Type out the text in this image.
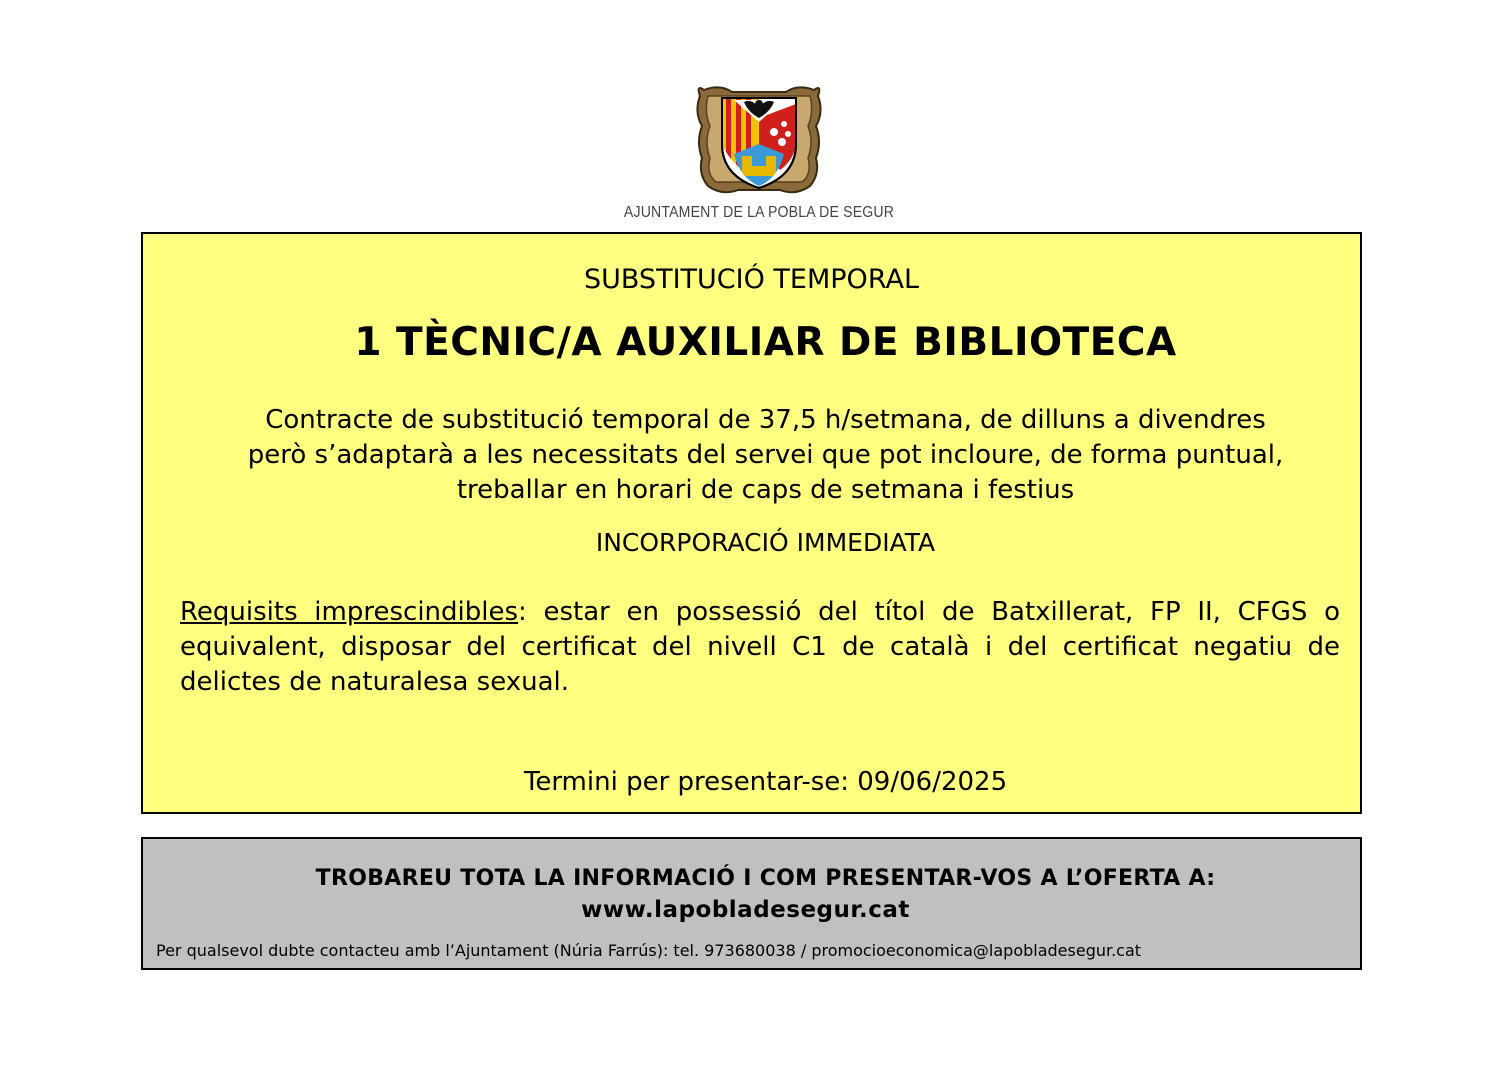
AJUNTAMENT DE LA POBLA DE SEGUR
SUBSTITUCIÓ TEMPORAL
1 TÈCNIC/A AUXILIAR DE BIBLIOTECA
Contracte de substitució temporal de 37,5 h/setmana, de dilluns a divendres
però s’adaptarà a les necessitats del servei que pot incloure, de forma puntual,
treballar en horari de caps de setmana i festius
INCORPORACIÓ IMMEDIATA
Requisits imprescindibles: estar en possessió del títol de Batxillerat, FP II, CFGS o equivalent, disposar del certificat del nivell C1 de català i del certificat negatiu de delictes de naturalesa sexual.
Termini per presentar-se: 09/06/2025
TROBAREU TOTA LA INFORMACIÓ I COM PRESENTAR-VOS A L’OFERTA A:
www.lapobladesegur.cat
Per qualsevol dubte contacteu amb l’Ajuntament (Núria Farrús): tel. 973680038 / promocioeconomica@lapobladesegur.cat
